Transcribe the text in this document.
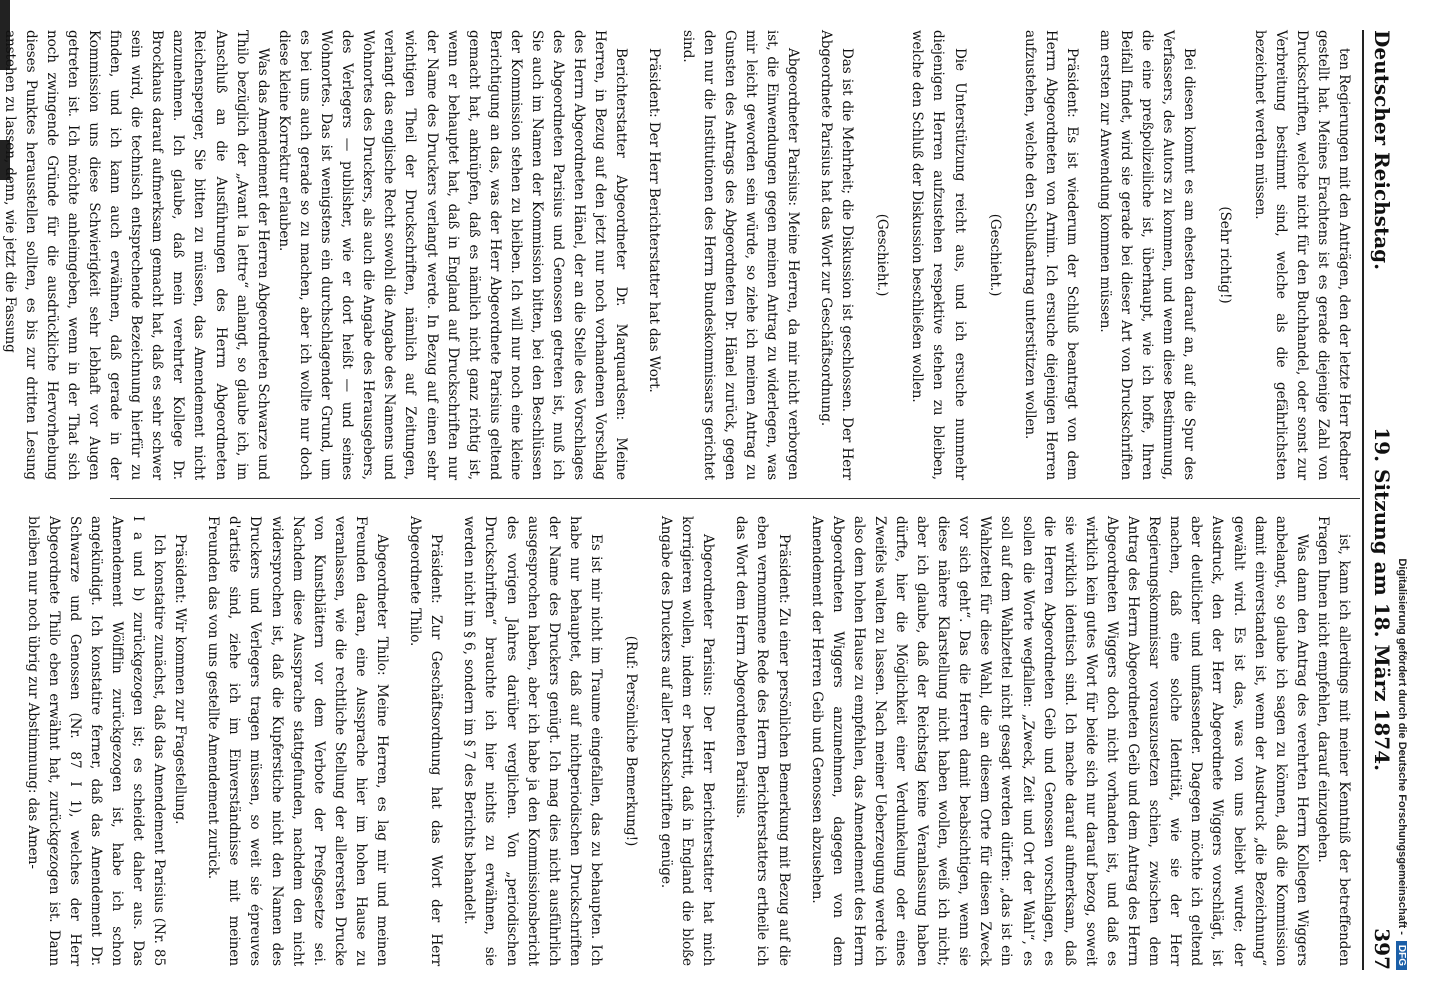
Deutscher Reichstag.
19. Sitzung am 18. März 1874.
397

ten Regierungen mit den Anträgen, den der letzte Herr Redner gestellt hat. Meines Erachtens ist es gerade diejenige Zahl von Druckschriften, welche nicht für den Buchhandel, oder sonst zur Verbreitung bestimmt sind, welche als die gefährlichsten bezeichnet werden müssen.

(Sehr richtig!)

Bei diesen kommt es am ehesten darauf an, auf die Spur des Verfassers, des Autors zu kommen, und wenn diese Bestimmung, die eine preßpolizeiliche ist, überhaupt, wie ich hoffe, Ihren Beifall findet, wird sie gerade bei dieser Art von Druckschriften am ersten zur Anwendung kommen müssen.

Präsident: Es ist wiederum der Schluß beantragt von dem Herrn Abgeordneten von Arnim. Ich ersuche diejenigen Herren aufzustehen, welche den Schlußantrag unterstützen wollen.

(Geschieht.)

Die Unterstützung reicht aus, und ich ersuche nunmehr diejenigen Herren aufzustehen respektive stehen zu bleiben, welche den Schluß der Diskussion beschließen wollen.

(Geschieht.)

Das ist die Mehrheit; die Diskussion ist geschlossen. Der Herr Abgeordnete Parisius hat das Wort zur Geschäftsordnung.

Abgeordneter Parisius: Meine Herren, da mir nicht verborgen ist, die Einwendungen gegen meinen Antrag zu widerlegen, was mir leicht geworden sein würde, so ziehe ich meinen Antrag zu Gunsten des Antrags des Abgeordneten Dr. Hänel zurück, gegen den nur die Institutionen des Herrn Bundeskommissars gerichtet sind.

Präsident: Der Herr Berichterstatter hat das Wort.

Berichterstatter Abgeordneter Dr. Marquardsen: Meine Herren, in Bezug auf den jetzt nur noch vorhandenen Vorschlag des Herrn Abgeordneten Hänel, der an die Stelle des Vorschlages des Abgeordneten Parisius und Genossen getreten ist, muß ich Sie auch im Namen der Kommission bitten, bei den Beschlüssen der Kommission stehen zu bleiben. Ich will nur noch eine kleine Berichtigung an das, was der Herr Abgeordnete Parisius geltend gemacht hat, anknüpfen, daß es nämlich nicht ganz richtig ist, wenn er behauptet hat, daß in England auf Druckschriften nur der Name des Druckers verlangt werde. In Bezug auf einen sehr wichtigen Theil der Druckschriften, nämlich auf Zeitungen, verlangt das englische Recht sowohl die Angabe des Namens und Wohnortes des Druckers, als auch die Angabe des Herausgebers, des Verlegers — publisher, wie er dort heißt — und seines Wohnortes. Das ist wenigstens ein durchschlagender Grund, um es bei uns auch gerade so zu machen, aber ich wollte nur doch diese kleine Korrektur erlauben.

Was das Amendement der Herren Abgeordneten Schwarze und Thilo bezüglich der „Avant la lettre“ anlangt, so glaube ich, im Anschluß an die Ausführungen des Herrn Abgeordneten Reichensperger, Sie bitten zu müssen, das Amendement nicht anzunehmen. Ich glaube, daß mein verehrter Kollege Dr. Brockhaus darauf aufmerksam gemacht hat, daß es sehr schwer sein wird, die technisch entsprechende Bezeichnung hierfür zu finden, und ich kann auch erwähnen, daß gerade in der Kommission uns diese Schwierigkeit sehr lebhaft vor Augen getreten ist. Ich möchte anheimgeben, wenn in der That sich noch zwingende Gründe für die ausdrückliche Hervorhebung dieses Punktes herausstellen sollten, es bis zur dritten Lesung anstehen zu lassen, denn, wie jetzt die Fassung

ist, kann ich allerdings mit meiner Kenntniß der betreffenden Fragen Ihnen nicht empfehlen, darauf einzugehen.

Was dann den Antrag des verehrten Herrn Kollegen Wiggers anbelangt, so glaube ich sagen zu können, daß die Kommission damit einverstanden ist, wenn der Ausdruck „die Bezeichnung“ gewählt wird. Es ist das, was von uns beliebt wurde; der Ausdruck, den der Herr Abgeordnete Wiggers vorschlägt, ist aber deutlicher und umfassender. Dagegen möchte ich geltend machen, daß eine solche Identität, wie sie der Herr Regierungskommissar vorauszusetzen schien, zwischen dem Antrag des Herrn Abgeordneten Geib und dem Antrag des Herrn Abgeordneten Wiggers doch nicht vorhanden ist, und daß es wirklich kein gutes Wort für beide sich nur darauf bezog, soweit sie wirklich identisch sind. Ich mache darauf aufmerksam, daß die Herren Abgeordneten Geib und Genossen vorschlagen, es sollen die Worte wegfallen: „Zweck, Zeit und Ort der Wahl“, es soll auf dem Wahlzettel nicht gesagt werden dürfen: „das ist ein Wahlzettel für diese Wahl, die an diesem Orte für diesen Zweck vor sich geht“. Das die Herren damit beabsichtigen, wenn sie diese nähere Klarstellung nicht haben wollen, weiß ich nicht; aber ich glaube, daß der Reichstag keine Veranlassung haben dürfte, hier die Möglichkeit einer Verdunkelung oder eines Zweifels walten zu lassen. Nach meiner Ueberzeugung werde ich also dem hohen Hause zu empfehlen, das Amendement des Herrn Abgeordneten Wiggers anzunehmen, dagegen von dem Amendement der Herren Geib und Genossen abzusehen.

Präsident: Zu einer persönlichen Bemerkung mit Bezug auf die eben vernommene Rede des Herrn Berichterstatters ertheile ich das Wort dem Herrn Abgeordneten Parisius.

Abgeordneter Parisius: Der Herr Berichterstatter hat mich korrigieren wollen, indem er bestritt, daß in England die bloße Angabe des Druckers auf aller Druckschriften genüge.

(Ruf: Persönliche Bemerkung!)

Es ist mir nicht im Traume eingefallen, das zu behaupten. Ich habe nur behauptet, daß auf nichtperiodischen Druckschriften der Name des Druckers genügt. Ich mag dies nicht ausführlich ausgesprochen haben, aber ich habe ja den Kommissionsbericht des vorigen Jahres darüber verglichen. Von „periodischen Druckschriften“ brauchte ich hier nichts zu erwähnen, sie werden nicht im § 6, sondern im § 7 des Berichts behandelt.

Präsident: Zur Geschäftsordnung hat das Wort der Herr Abgeordnete Thilo.

Abgeordneter Thilo: Meine Herren, es lag mir und meinen Freunden daran, eine Aussprache hier im hohen Hause zu veranlassen, wie die rechtliche Stellung der allerersten Drucke von Kunstblättern vor dem Verbote der Preßgesetze sei. Nachdem diese Aussprache stattgefunden, nachdem den nicht widersprochen ist, daß die Kupferstiche nicht den Namen des Druckers und Verlegers tragen müssen, so weit sie épreuves d'artiste sind, ziehe ich im Einverständnisse mit meinen Freunden das von uns gestellte Amendement zurück.

Präsident: Wir kommen zur Fragestellung.

Ich konstatire zunächst, daß das Amendement Parisius (Nr. 85 I a und b) zurückgezogen ist; es scheidet daher aus. Das Amendement Wölfflin zurückgezogen ist, habe ich schon angekündigt. Ich konstatire ferner, daß das Amendement Dr. Schwarze und Genossen (Nr. 87 I 1), welches der Herr Abgeordnete Thilo eben erwähnt hat, zurückgezogen ist. Dann bleiben nur noch übrig zur Abstimmung: das Amen-	Digitalisierung gefördert durch die Deutsche Forschungsgemeinschaft -
DFG
